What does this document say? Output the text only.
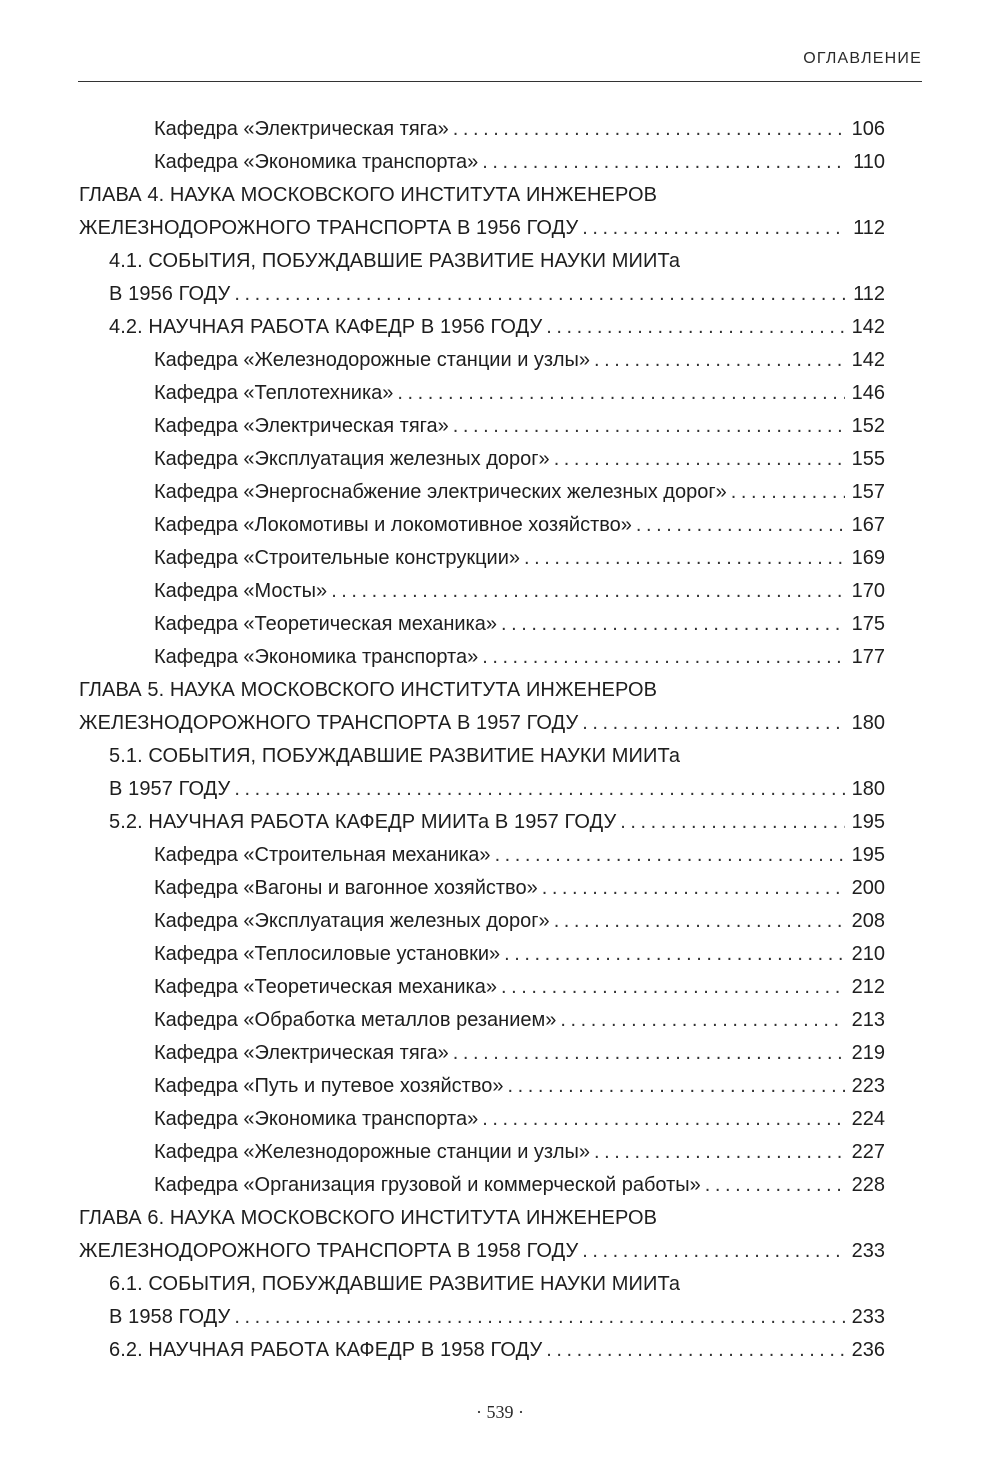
ОГЛАВЛЕНИЕ
Кафедра «Электрическая тяга» . . .	106
Кафедра «Экономика транспорта» . . .	110
ГЛАВА 4. НАУКА МОСКОВСКОГО ИНСТИТУТА ИНЖЕНЕРОВ
ЖЕЛЕЗНОДОРОЖНОГО ТРАНСПОРТА В 1956 ГОДУ . . .	112
4.1. СОБЫТИЯ, ПОБУЖДАВШИЕ РАЗВИТИЕ НАУКИ МИИТа
В 1956 ГОДУ . . .	112
4.2. НАУЧНАЯ РАБОТА КАФЕДР В 1956 ГОДУ . . .	142
Кафедра «Железнодорожные станции и узлы» . . .	142
Кафедра «Теплотехника» . . .	146
Кафедра «Электрическая тяга» . . .	152
Кафедра «Эксплуатация железных дорог» . . .	155
Кафедра «Энергоснабжение электрических железных дорог» . . .	157
Кафедра «Локомотивы и локомотивное хозяйство» . . .	167
Кафедра «Строительные конструкции» . . .	169
Кафедра «Мосты» . . .	170
Кафедра «Теоретическая механика» . . .	175
Кафедра «Экономика транспорта» . . .	177
ГЛАВА 5. НАУКА МОСКОВСКОГО ИНСТИТУТА ИНЖЕНЕРОВ
ЖЕЛЕЗНОДОРОЖНОГО ТРАНСПОРТА В 1957 ГОДУ . . .	180
5.1. СОБЫТИЯ, ПОБУЖДАВШИЕ РАЗВИТИЕ НАУКИ МИИТа
В 1957 ГОДУ . . .	180
5.2. НАУЧНАЯ РАБОТА КАФЕДР МИИТа В 1957 ГОДУ . . .	195
Кафедра «Строительная механика» . . .	195
Кафедра «Вагоны и вагонное хозяйство» . . .	200
Кафедра «Эксплуатация железных дорог» . . .	208
Кафедра «Теплосиловые установки» . . .	210
Кафедра «Теоретическая механика» . . .	212
Кафедра «Обработка металлов резанием» . . .	213
Кафедра «Электрическая тяга» . . .	219
Кафедра «Путь и путевое хозяйство» . . .	223
Кафедра «Экономика транспорта» . . .	224
Кафедра «Железнодорожные станции и узлы» . . .	227
Кафедра «Организация грузовой и коммерческой работы» . . .	228
ГЛАВА 6. НАУКА МОСКОВСКОГО ИНСТИТУТА ИНЖЕНЕРОВ
ЖЕЛЕЗНОДОРОЖНОГО ТРАНСПОРТА В 1958 ГОДУ . . .	233
6.1. СОБЫТИЯ, ПОБУЖДАВШИЕ РАЗВИТИЕ НАУКИ МИИТа
В 1958 ГОДУ . . .	233
6.2. НАУЧНАЯ РАБОТА КАФЕДР В 1958 ГОДУ . . .	236
· 539 ·
